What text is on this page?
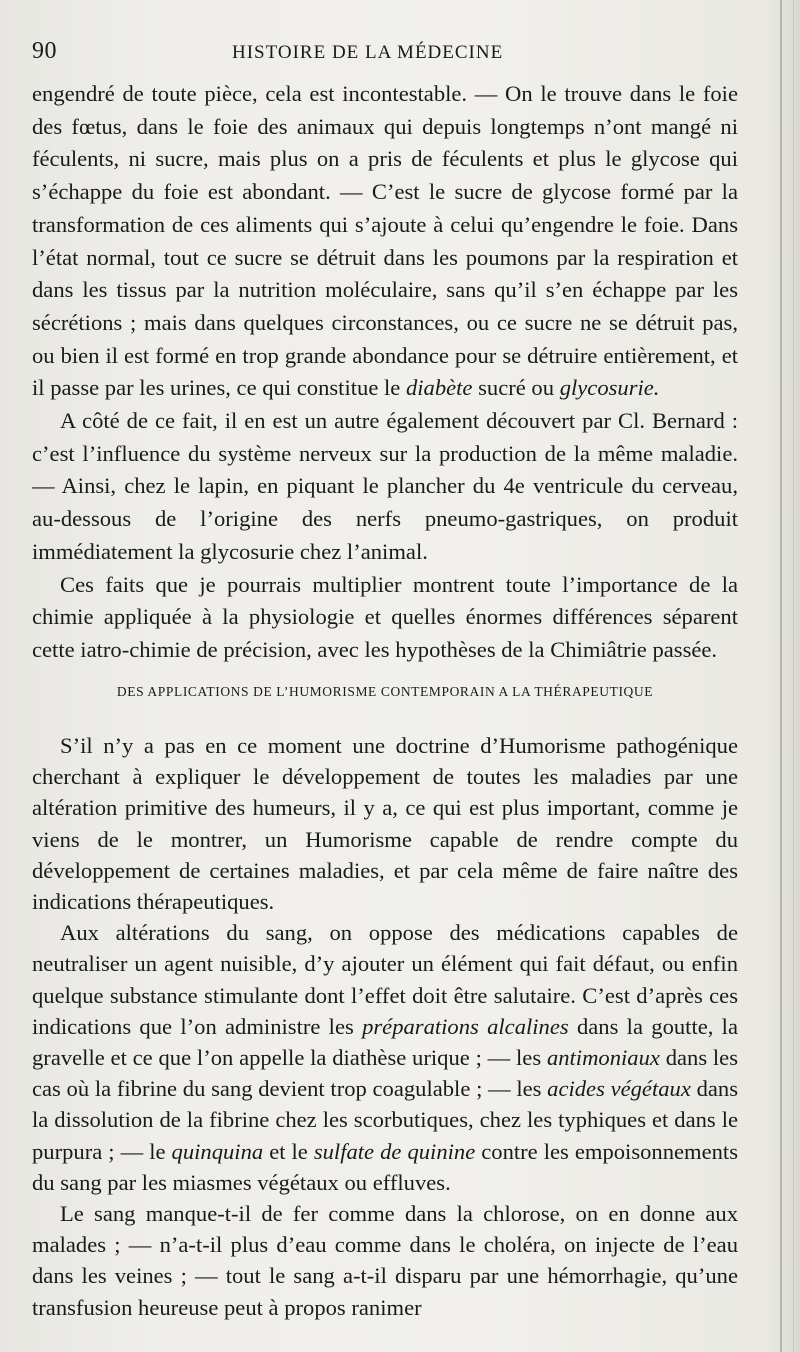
90	HISTOIRE DE LA MÉDECINE

engendré de toute pièce, cela est incontestable. — On le trouve dans le foie des fœtus, dans le foie des animaux qui depuis longtemps n’ont mangé ni féculents, ni sucre, mais plus on a pris de féculents et plus le glycose qui s’échappe du foie est abondant. — C’est le sucre de glycose formé par la transformation de ces aliments qui s’ajoute à celui qu’engendre le foie. Dans l’état normal, tout ce sucre se détruit dans les poumons par la respiration et dans les tissus par la nutrition moléculaire, sans qu’il s’en échappe par les sécrétions ; mais dans quelques circonstances, ou ce sucre ne se détruit pas, ou bien il est formé en trop grande abondance pour se détruire entièrement, et il passe par les urines, ce qui constitue le diabète sucré ou glycosurie.

A côté de ce fait, il en est un autre également découvert par Cl. Bernard : c’est l’influence du système nerveux sur la production de la même maladie. — Ainsi, chez le lapin, en piquant le plancher du 4e ventricule du cerveau, au-dessous de l’origine des nerfs pneumo-gastriques, on produit immédiatement la glycosurie chez l’animal.

Ces faits que je pourrais multiplier montrent toute l’importance de la chimie appliquée à la physiologie et quelles énormes différences séparent cette iatro-chimie de précision, avec les hypothèses de la Chimiâtrie passée.

DES APPLICATIONS DE L’HUMORISME CONTEMPORAIN A LA THÉRAPEUTIQUE

S’il n’y a pas en ce moment une doctrine d’Humorisme pathogénique cherchant à expliquer le développement de toutes les maladies par une altération primitive des humeurs, il y a, ce qui est plus important, comme je viens de le montrer, un Humorisme capable de rendre compte du développement de certaines maladies, et par cela même de faire naître des indications thérapeutiques.

Aux altérations du sang, on oppose des médications capables de neutraliser un agent nuisible, d’y ajouter un élément qui fait défaut, ou enfin quelque substance stimulante dont l’effet doit être salutaire. C’est d’après ces indications que l’on administre les préparations alcalines dans la goutte, la gravelle et ce que l’on appelle la diathèse urique ; — les antimoniaux dans les cas où la fibrine du sang devient trop coagulable ; — les acides végétaux dans la dissolution de la fibrine chez les scorbutiques, chez les typhiques et dans le purpura ; — le quinquina et le sulfate de quinine contre les empoisonnements du sang par les miasmes végétaux ou effluves.

Le sang manque-t-il de fer comme dans la chlorose, on en donne aux malades ; — n’a-t-il plus d’eau comme dans le choléra, on injecte de l’eau dans les veines ; — tout le sang a-t-il disparu par une hémorrhagie, qu’une transfusion heureuse peut à propos ranimer
